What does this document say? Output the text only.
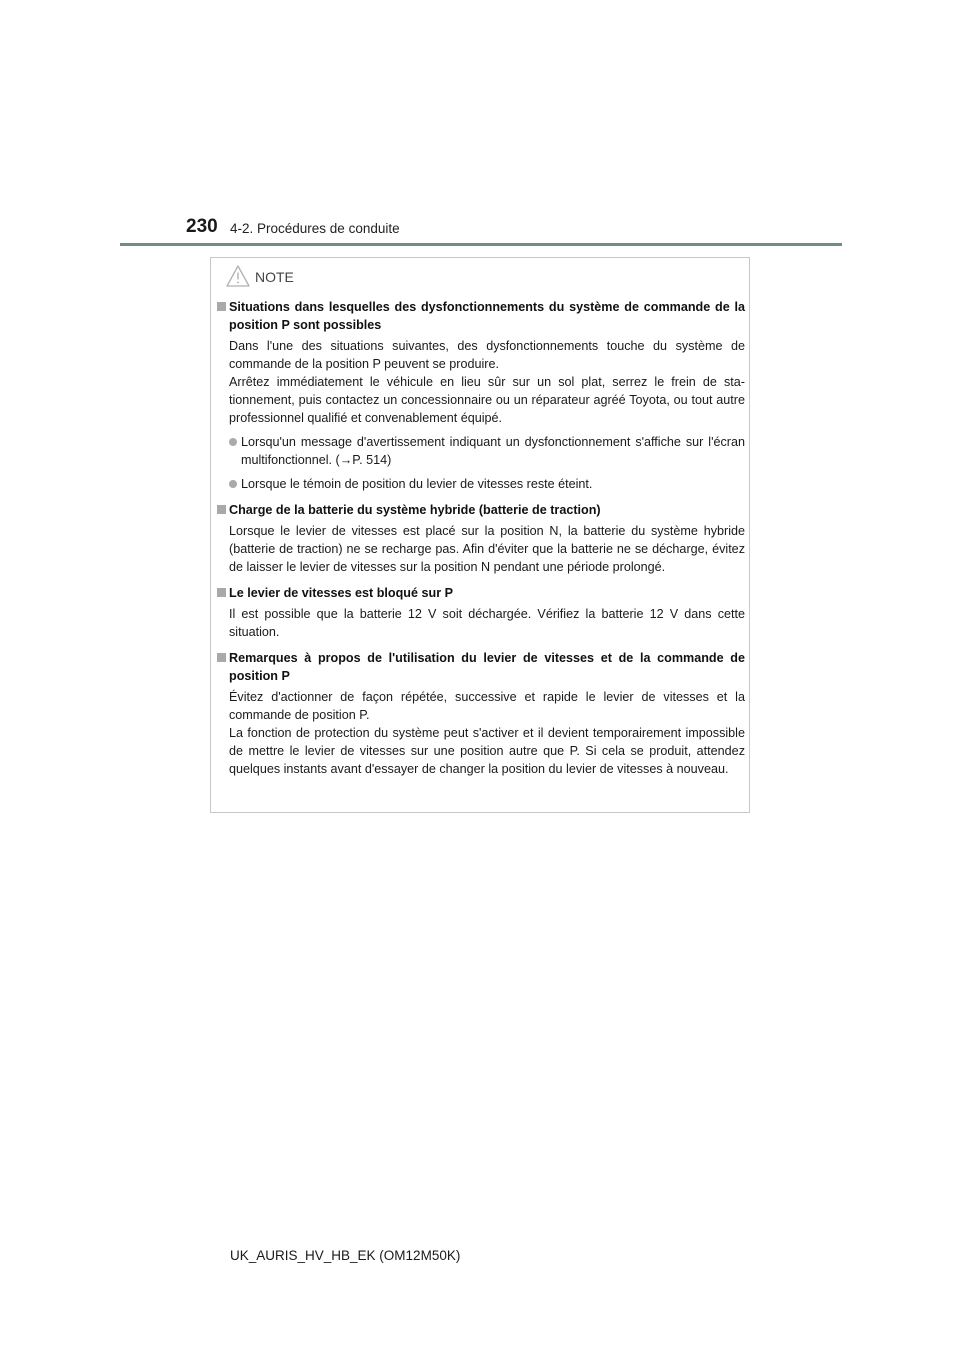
230 4-2. Procédures de conduite
NOTE
Situations dans lesquelles des dysfonctionnements du système de commande de la position P sont possibles
Dans l'une des situations suivantes, des dysfonctionnements touche du système de commande de la position P peuvent se produire.
Arrêtez immédiatement le véhicule en lieu sûr sur un sol plat, serrez le frein de sta- tionnement, puis contactez un concessionnaire ou un réparateur agréé Toyota, ou tout autre professionnel qualifié et convenablement équipé.
Lorsqu'un message d'avertissement indiquant un dysfonctionnement s'affiche sur l'écran multifonctionnel. (→P. 514)
Lorsque le témoin de position du levier de vitesses reste éteint.
Charge de la batterie du système hybride (batterie de traction)
Lorsque le levier de vitesses est placé sur la position N, la batterie du système hybride (batterie de traction) ne se recharge pas. Afin d'éviter que la batterie ne se décharge, évitez de laisser le levier de vitesses sur la position N pendant une période prolongé.
Le levier de vitesses est bloqué sur P
Il est possible que la batterie 12 V soit déchargée. Vérifiez la batterie 12 V dans cette situation.
Remarques à propos de l'utilisation du levier de vitesses et de la commande de position P
Évitez d'actionner de façon répétée, successive et rapide le levier de vitesses et la commande de position P.
La fonction de protection du système peut s'activer et il devient temporairement impossible de mettre le levier de vitesses sur une position autre que P. Si cela se produit, attendez quelques instants avant d'essayer de changer la position du levier de vitesses à nouveau.
UK_AURIS_HV_HB_EK (OM12M50K)
